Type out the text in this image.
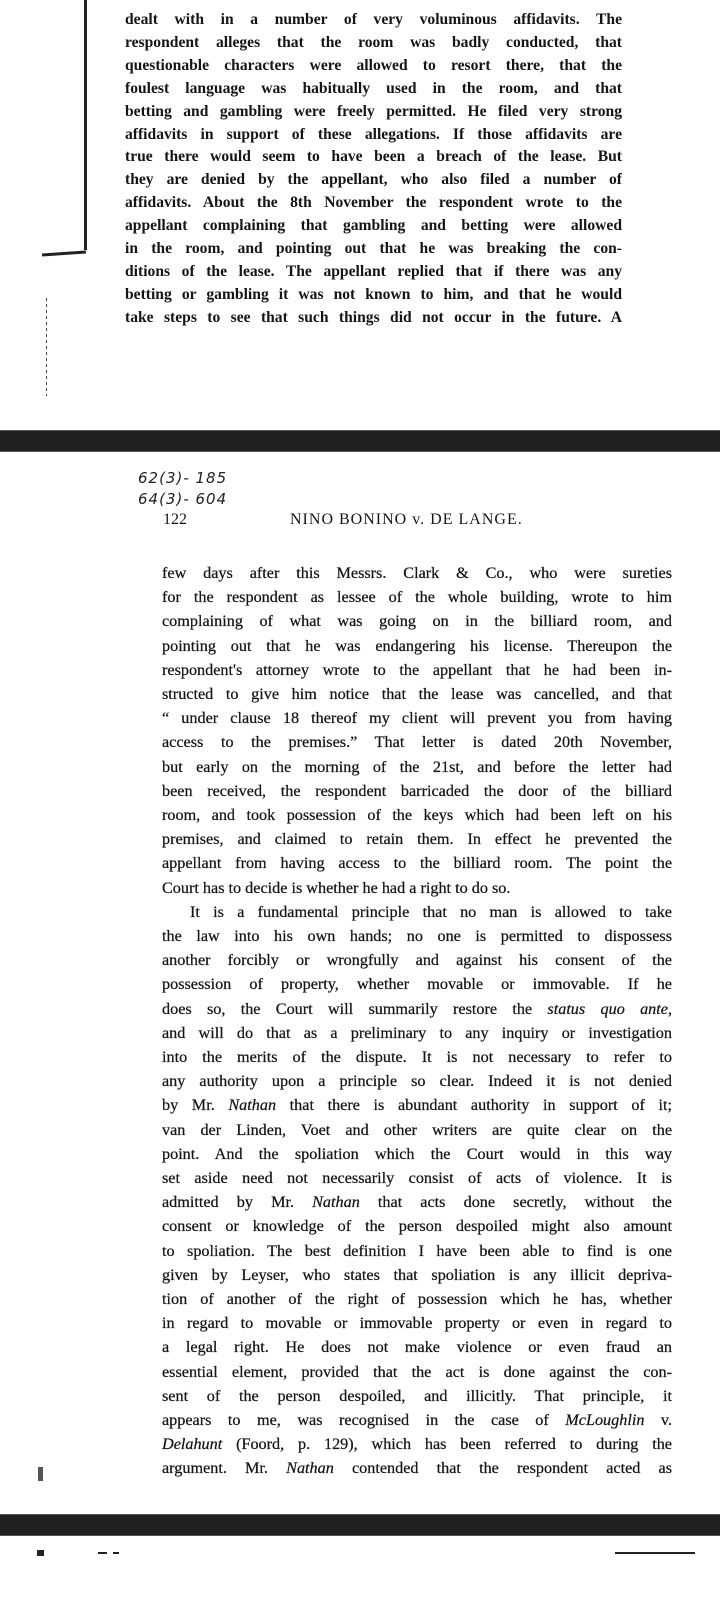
dealt with in a number of very voluminous affidavits. The
respondent alleges that the room was badly conducted, that
questionable characters were allowed to resort there, that the
foulest language was habitually used in the room, and that
betting and gambling were freely permitted. He filed very strong
affidavits in support of these allegations. If those affidavits are
true there would seem to have been a breach of the lease. But
they are denied by the appellant, who also filed a number of
affidavits. About the 8th November the respondent wrote to the
appellant complaining that gambling and betting were allowed
in the room, and pointing out that he was breaking the con-
ditions of the lease. The appellant replied that if there was any
betting or gambling it was not known to him, and that he would
take steps to see that such things did not occur in the future. A
62(3)- 185
64(3)- 604
122	NINO BONINO v. DE LANGE.
few days after this Messrs. Clark & Co., who were sureties
for the respondent as lessee of the whole building, wrote to him
complaining of what was going on in the billiard room, and
pointing out that he was endangering his license. Thereupon the
respondent's attorney wrote to the appellant that he had been in-
structed to give him notice that the lease was cancelled, and that
“ under clause 18 thereof my client will prevent you from having
access to the premises.” That letter is dated 20th November,
but early on the morning of the 21st, and before the letter had
been received, the respondent barricaded the door of the billiard
room, and took possession of the keys which had been left on his
premises, and claimed to retain them. In effect he prevented the
appellant from having access to the billiard room. The point the
Court has to decide is whether he had a right to do so.
It is a fundamental principle that no man is allowed to take
the law into his own hands; no one is permitted to dispossess
another forcibly or wrongfully and against his consent of the
possession of property, whether movable or immovable. If he
does so, the Court will summarily restore the status quo ante,
and will do that as a preliminary to any inquiry or investigation
into the merits of the dispute. It is not necessary to refer to
any authority upon a principle so clear. Indeed it is not denied
by Mr. Nathan that there is abundant authority in support of it;
van der Linden, Voet and other writers are quite clear on the
point. And the spoliation which the Court would in this way
set aside need not necessarily consist of acts of violence. It is
admitted by Mr. Nathan that acts done secretly, without the
consent or knowledge of the person despoiled might also amount
to spoliation. The best definition I have been able to find is one
given by Leyser, who states that spoliation is any illicit depriva-
tion of another of the right of possession which he has, whether
in regard to movable or immovable property or even in regard to
a legal right. He does not make violence or even fraud an
essential element, provided that the act is done against the con-
sent of the person despoiled, and illicitly. That principle, it
appears to me, was recognised in the case of McLoughlin v.
Delahunt (Foord, p. 129), which has been referred to during the
argument. Mr. Nathan contended that the respondent acted as
